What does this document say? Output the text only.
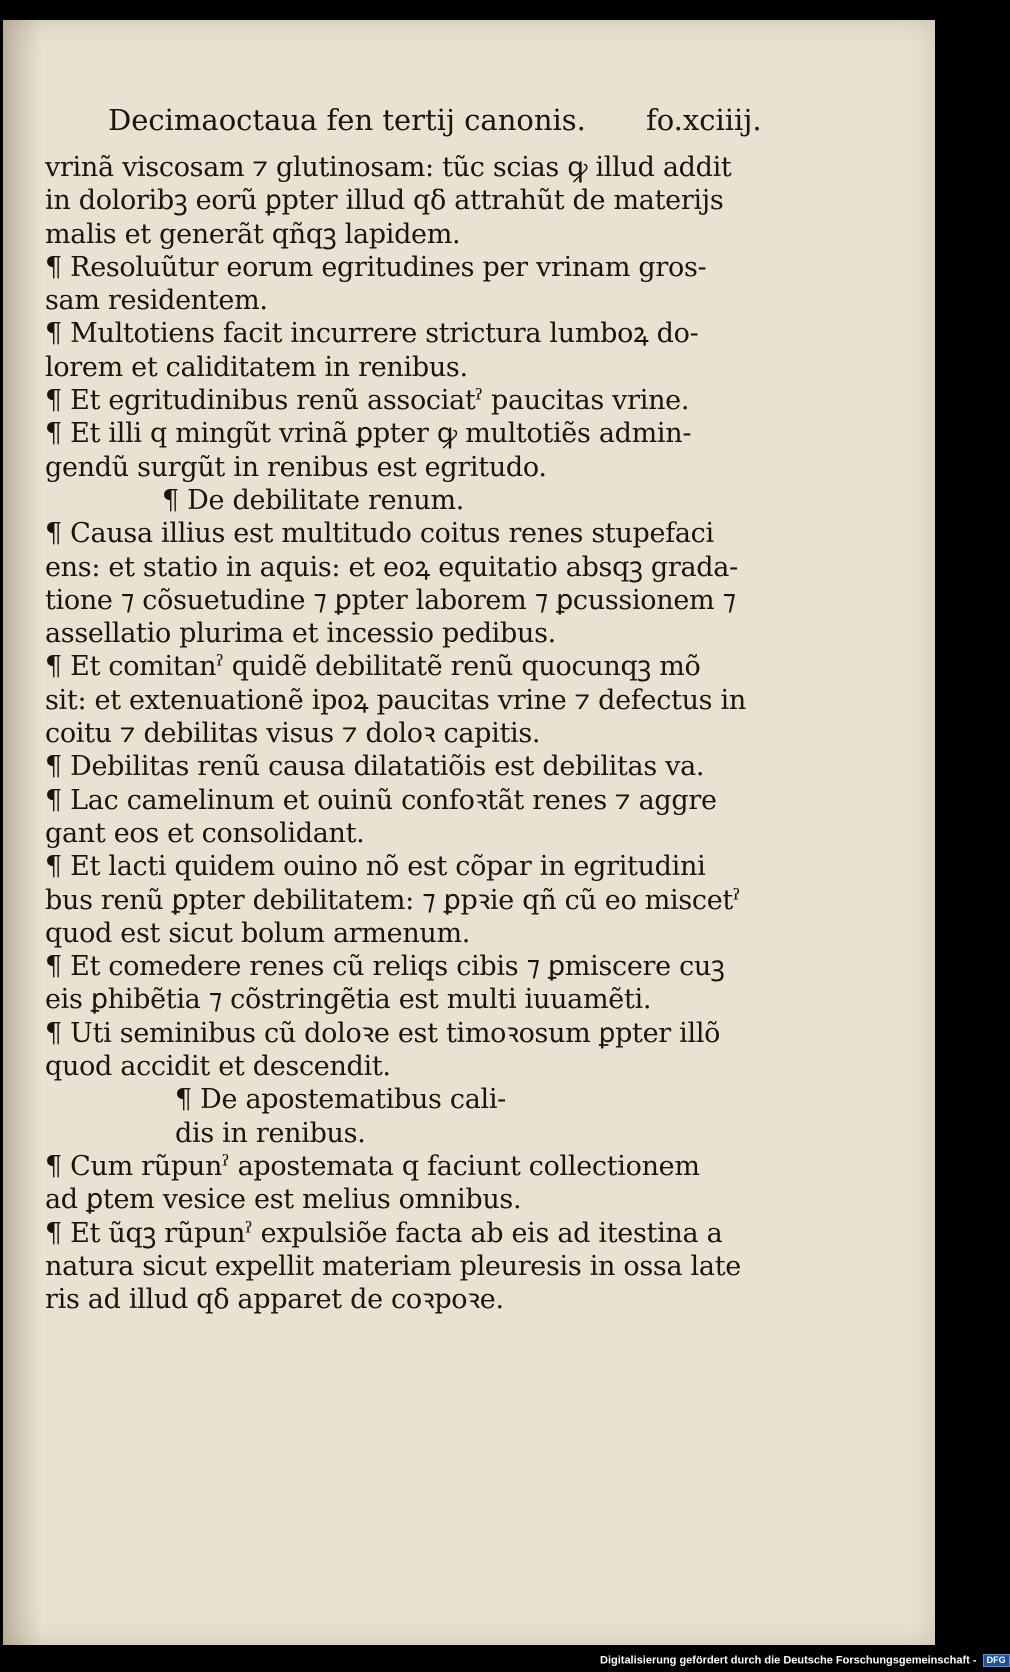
Decimaoctaua fen tertij canonis. fo.xciiij.
vrinã viscosam ⁊ glutinosam: tũc scias ꝙ illud addit
in doloribꝫ eorũ ꝑpter illud qδ attrahũt de materijs
malis et generãt qñqꝫ lapidem.
¶ Resoluũtur eorum egritudines per vrinam gros-
sam residentem.
¶ Multotiens facit incurrere strictura lumboꝝ do-
lorem et caliditatem in renibus.
¶ Et egritudinibus renũ associatˀ paucitas vrine.
¶ Et illi q mingũt vrinã ꝑpter ꝙ multotiẽs admin-
gendũ surgũt in renibus est egritudo.
¶ De debilitate renum.
¶ Causa illius est multitudo coitus renes stupefaci
ens: et statio in aquis: et eoꝝ equitatio absqꝫ grada-
tione ⁊ cõsuetudine ⁊ ꝑpter laborem ⁊ ꝑcussionem ⁊
assellatio plurima et incessio pedibus.
¶ Et comitanˀ quidẽ debilitatẽ renũ quocunqꝫ mõ
sit: et extenuationẽ ipoꝝ paucitas vrine ⁊ defectus in
coitu ⁊ debilitas visus ⁊ doloꝛ capitis.
¶ Debilitas renũ causa dilatatiõis est debilitas va.
¶ Lac camelinum et ouinũ confoꝛtãt renes ⁊ aggre
gant eos et consolidant.
¶ Et lacti quidem ouino nõ est cõpar in egritudini
bus renũ ꝑpter debilitatem: ⁊ ꝑpꝛie qñ cũ eo miscetˀ
quod est sicut bolum armenum.
¶ Et comedere renes cũ reliqs cibis ⁊ ꝑmiscere cuꝫ
eis ꝑhibẽtia ⁊ cõstringẽtia est multi iuuamẽti.
¶ Uti seminibus cũ doloꝛe est timoꝛosum ꝑpter illõ
quod accidit et descendit.
¶ De apostematibus cali-
dis in renibus.
¶ Cum rũpunˀ apostemata q faciunt collectionem
ad ꝑtem vesice est melius omnibus.
¶ Et ũqꝫ rũpunˀ expulsiõe facta ab eis ad itestina a
natura sicut expellit materiam pleuresis in ossa late
ris ad illud qδ apparet de coꝛpoꝛe.
Digitalisierung gefördert durch die Deutsche Forschungsgemeinschaft - DFG
